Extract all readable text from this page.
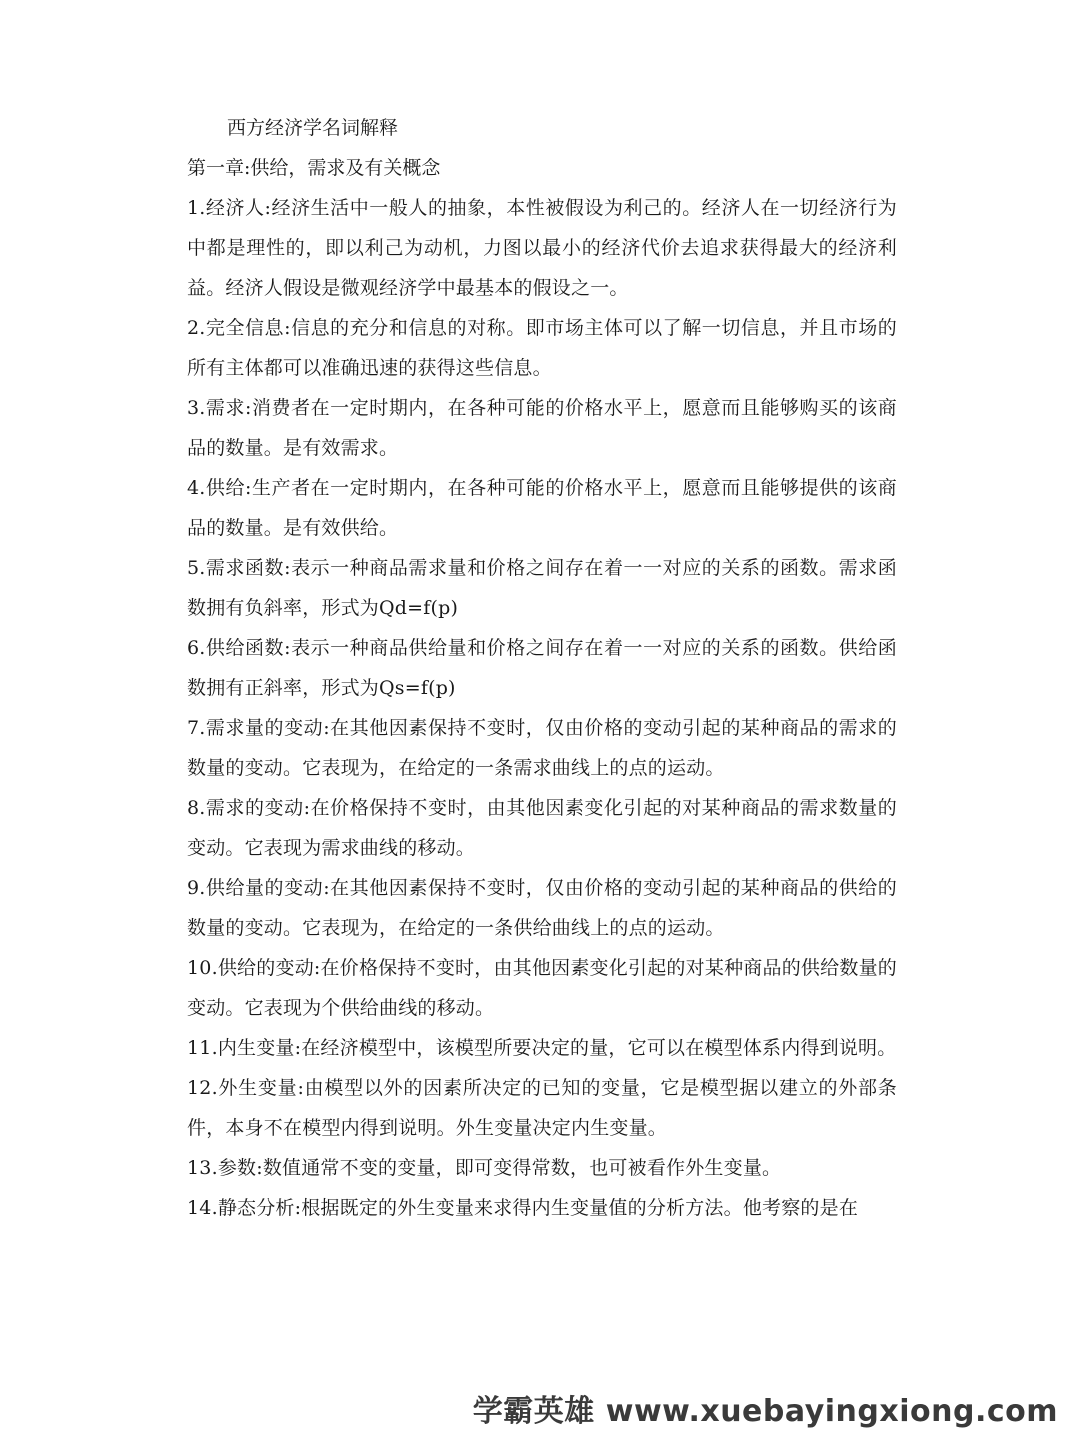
西方经济学名词解释

第一章:供给，需求及有关概念

1.经济人:经济生活中一般人的抽象，本性被假设为利己的。经济人在一切经济行为中都是理性的，即以利己为动机，力图以最小的经济代价去追求获得最大的经济利益。经济人假设是微观经济学中最基本的假设之一。

2.完全信息:信息的充分和信息的对称。即市场主体可以了解一切信息，并且市场的所有主体都可以准确迅速的获得这些信息。

3.需求:消费者在一定时期内，在各种可能的价格水平上，愿意而且能够购买的该商品的数量。是有效需求。

4.供给:生产者在一定时期内，在各种可能的价格水平上，愿意而且能够提供的该商品的数量。是有效供给。

5.需求函数:表示一种商品需求量和价格之间存在着一一对应的关系的函数。需求函数拥有负斜率，形式为Qd=f(p)

6.供给函数:表示一种商品供给量和价格之间存在着一一对应的关系的函数。供给函数拥有正斜率，形式为Qs=f(p)

7.需求量的变动:在其他因素保持不变时，仅由价格的变动引起的某种商品的需求的数量的变动。它表现为，在给定的一条需求曲线上的点的运动。

8.需求的变动:在价格保持不变时，由其他因素变化引起的对某种商品的需求数量的变动。它表现为需求曲线的移动。

9.供给量的变动:在其他因素保持不变时，仅由价格的变动引起的某种商品的供给的数量的变动。它表现为，在给定的一条供给曲线上的点的运动。

10.供给的变动:在价格保持不变时，由其他因素变化引起的对某种商品的供给数量的变动。它表现为个供给曲线的移动。

11.内生变量:在经济模型中，该模型所要决定的量，它可以在模型体系内得到说明。

12.外生变量:由模型以外的因素所决定的已知的变量，它是模型据以建立的外部条件，本身不在模型内得到说明。外生变量决定内生变量。

13.参数:数值通常不变的变量，即可变得常数，也可被看作外生变量。

14.静态分析:根据既定的外生变量来求得内生变量值的分析方法。他考察的是在

学霸英雄 www.xuebayingxiong.com
